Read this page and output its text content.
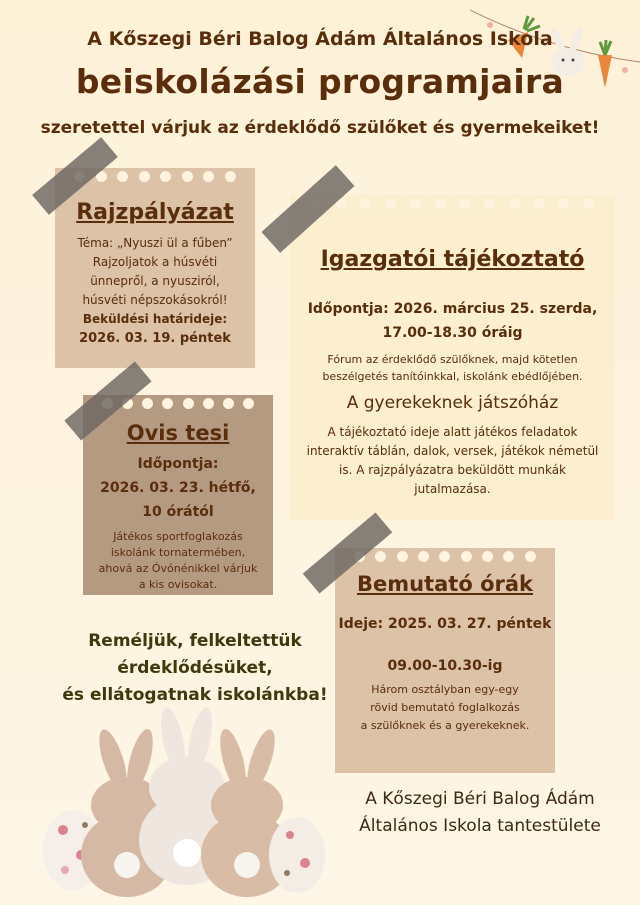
A Kőszegi Béri Balog Ádám Általános Iskola
beiskolázási programjaira
szeretettel várjuk az érdeklődő szülőket és gyermekeiket!
Rajzpályázat
Téma: „Nyuszi ül a fűben”
Rajzoljatok a húsvéti
ünnepről, a nyusziról,
húsvéti népszokásokról!
Beküldési határideje:
2026. 03. 19. péntek
Igazgatói tájékoztató
Időpontja: 2026. március 25. szerda,
17.00-18.30 óráig
Fórum az érdeklődő szülőknek, majd kötetlen
beszélgetés tanítóinkkal, iskolánk ebédlőjében.
A gyerekeknek játszóház
A tájékoztató ideje alatt játékos feladatok
interaktív táblán, dalok, versek, játékok németül
is. A rajzpályázatra beküldött munkák
jutalmazása.
Ovis tesi
Időpontja:
2026. 03. 23. hétfő,
10 órától
Játékos sportfoglakozás
iskolánk tornatermében,
ahová az Óvónénikkel várjuk
a kis ovisokat.	Bemutató órák
Ideje: 2025. 03. 27. péntek
09.00-10.30-ig
Három osztályban egy-egy
rövid bemutató foglalkozás
a szülőknek és a gyerekeknek.
Reméljük, felkeltettük
érdeklődésüket,
és ellátogatnak iskolánkba!
A Kőszegi Béri Balog Ádám
Általános Iskola tantestülete
